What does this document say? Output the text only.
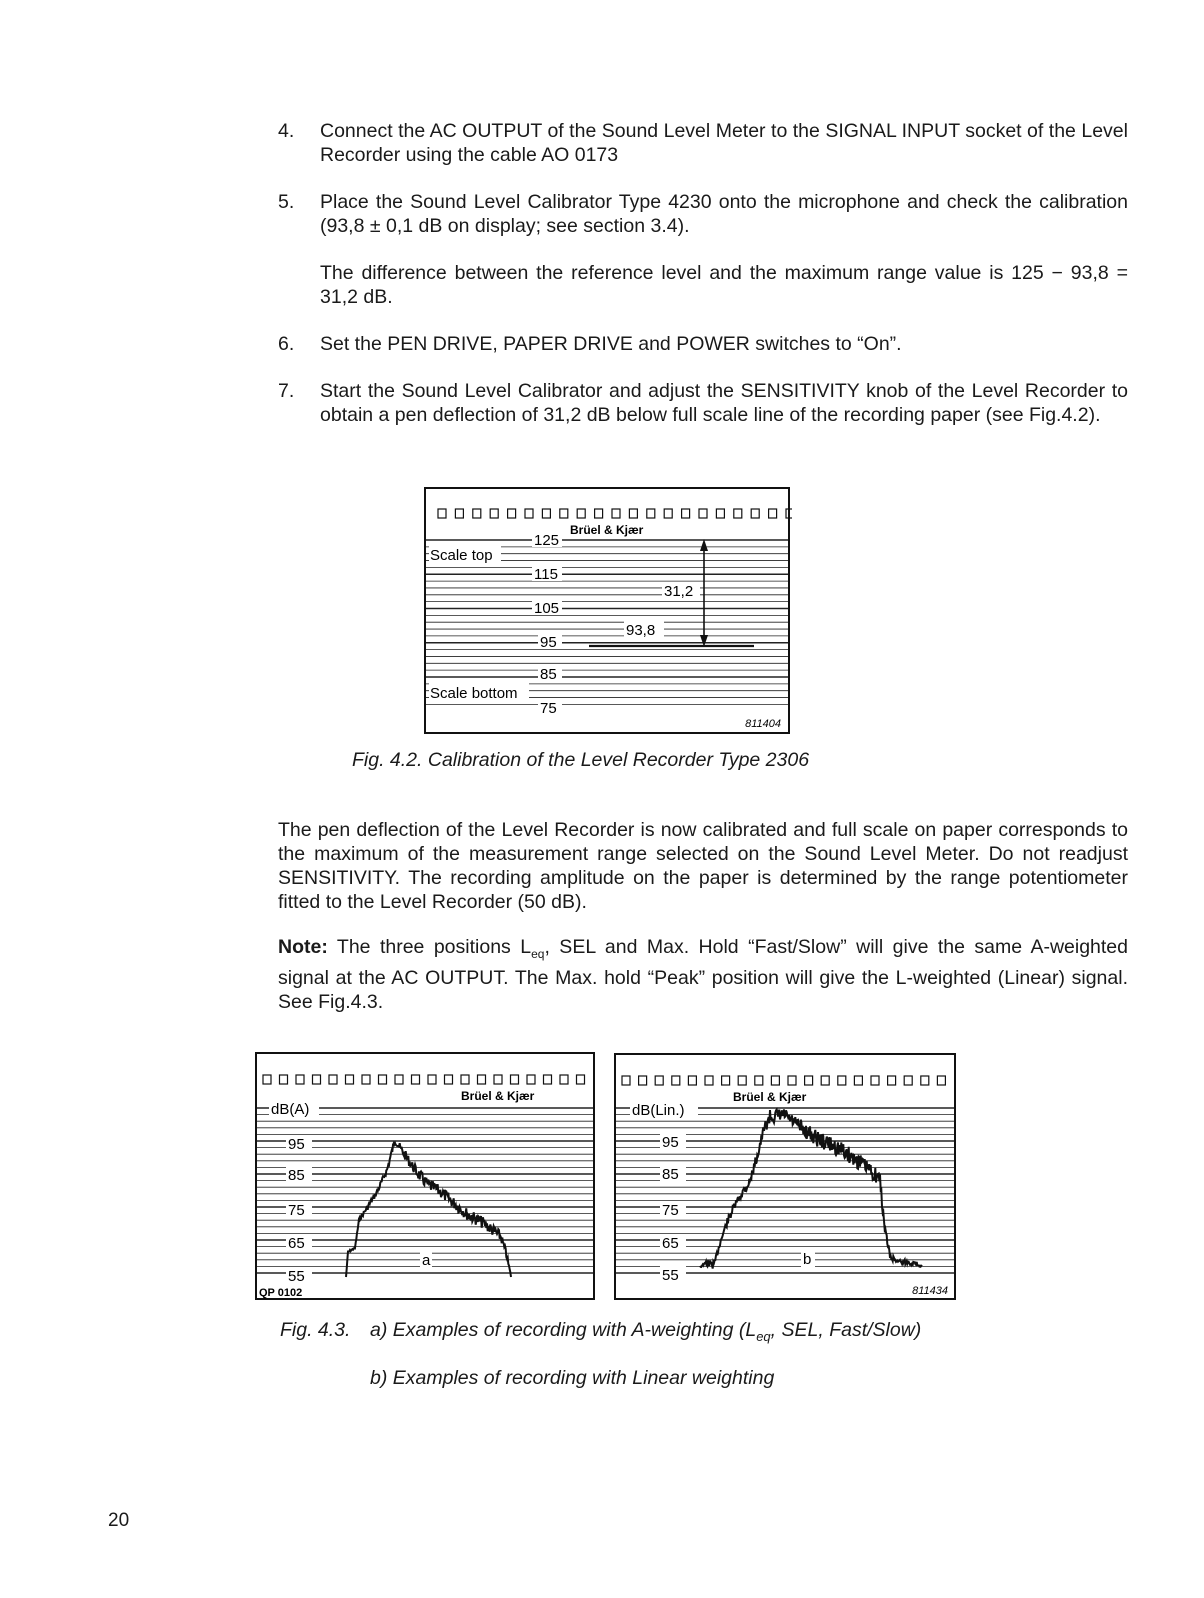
4. Connect the AC OUTPUT of the Sound Level Meter to the SIGNAL INPUT socket of the Level Recorder using the cable AO 0173
5. Place the Sound Level Calibrator Type 4230 onto the microphone and check the calibration (93,8 ± 0,1 dB on display; see section 3.4).
The difference between the reference level and the maximum range value is 125 − 93,8 = 31,2 dB.
6. Set the PEN DRIVE, PAPER DRIVE and POWER switches to “On”.
7. Start the Sound Level Calibrator and adjust the SENSITIVITY knob of the Level Recorder to obtain a pen deflection of 31,2 dB below full scale line of the recording paper (see Fig.4.2).
Brüel & Kjær
125
115
105
95
85
75
Scale top
Scale bottom
31,2
93,8
811404
Fig. 4.2. Calibration of the Level Recorder Type 2306
The pen deflection of the Level Recorder is now calibrated and full scale on paper corresponds to the maximum of the measurement range selected on the Sound Level Meter. Do not readjust SENSITIVITY. The recording amplitude on the paper is determined by the range potentiometer fitted to the Level Recorder (50 dB).
Note: The three positions $L_{eq}$, SEL and Max. Hold “Fast/Slow” will give the same A-weighted signal at the AC OUTPUT. The Max. hold “Peak” position will give the L-weighted (Linear) signal. See Fig.4.3.
Brüel & Kjær
dB(A)
95
85
75
65
55
a
QP 0102
Brüel & Kjær
dB(Lin.)
95
85
75
65
55
b
811434
Fig. 4.3. a) Examples of recording with A-weighting ($L_{eq}$, SEL, Fast/Slow)
b) Examples of recording with Linear weighting
20
